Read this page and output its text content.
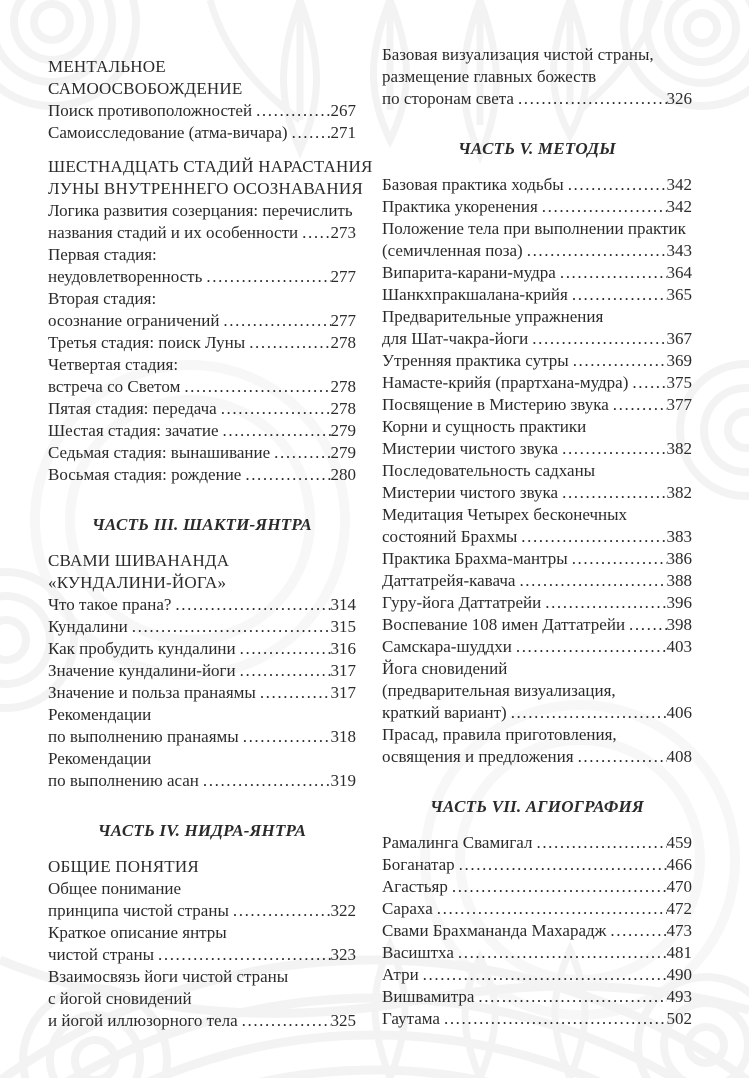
МЕНТАЛЬНОЕ
САМООСВОБОЖДЕНИЕ
Поиск противоположностей .....	267
Самоисследование (атма-вичара) .....	271
ШЕСТНАДЦАТЬ СТАДИЙ НАРАСТАНИЯ
ЛУНЫ ВНУТРЕННЕГО ОСОЗНАВАНИЯ
Логика развития созерцания: перечислить
названия стадий и их особенности ..... 273
Первая стадия:
неудовлетворенность .....	277
Вторая стадия:
осознание ограничений .....	277
Третья стадия: поиск Луны .....	278
Четвертая стадия:
встреча со Светом .....	278
Пятая стадия: передача .....	278
Шестая стадия: зачатие .....	279
Седьмая стадия: вынашивание .....	279
Восьмая стадия: рождение .....	280
ЧАСТЬ III. ШАКТИ-ЯНТРА
СВАМИ ШИВАНАНДА
«КУНДАЛИНИ-ЙОГА»
Что такое прана? .....	314
Кундалини .....	315
Как пробудить кундалини .....	316
Значение кундалини-йоги .....	317
Значение и польза пранаямы .....	317
Рекомендации
по выполнению пранаямы .....	318
Рекомендации
по выполнению асан .....	319
ЧАСТЬ IV. НИДРА-ЯНТРА
ОБЩИЕ ПОНЯТИЯ
Общее понимание
принципа чистой страны .....	322
Краткое описание янтры
чистой страны .....	323
Взаимосвязь йоги чистой страны
с йогой сновидений
и йогой иллюзорного тела .....	325
Базовая визуализация чистой страны,
размещение главных божеств
по сторонам света .....	326
ЧАСТЬ V. МЕТОДЫ
Базовая практика ходьбы .....	342
Практика укоренения .....	342
Положение тела при выполнении практик
(семичленная поза) .....	343
Випарита-карани-мудра .....	364
Шанкхпракшалана-крийя .....	365
Предварительные упражнения
для Шат-чакра-йоги .....	367
Утренняя практика сутры .....	369
Намасте-крийя (прартхана-мудра) ..... 375
Посвящение в Мистерию звука .....	377
Корни и сущность практики
Мистерии чистого звука .....	382
Последовательность садханы
Мистерии чистого звука .....	382
Медитация Четырех бесконечных
состояний Брахмы .....	383
Практика Брахма-мантры .....	386
Даттатрейя-кавача .....	388
Гуру-йога Даттатрейи .....	396
Воспевание 108 имен Даттатрейи ..... 398
Самскара-шуддхи .....	403
Йога сновидений
(предварительная визуализация,
краткий вариант) .....	406
Прасад, правила приготовления,
освящения и предложения .....	408
ЧАСТЬ VII. АГИОГРАФИЯ
Рамалинга Свамигал .....	459
Боганатар .....	466
Агастьяр .....	470
Сараха .....	472
Свами Брахмананда Махарадж .....	473
Васиштха .....	481
Атри .....	490
Вишвамитра .....	493
Гаутама .....	502
